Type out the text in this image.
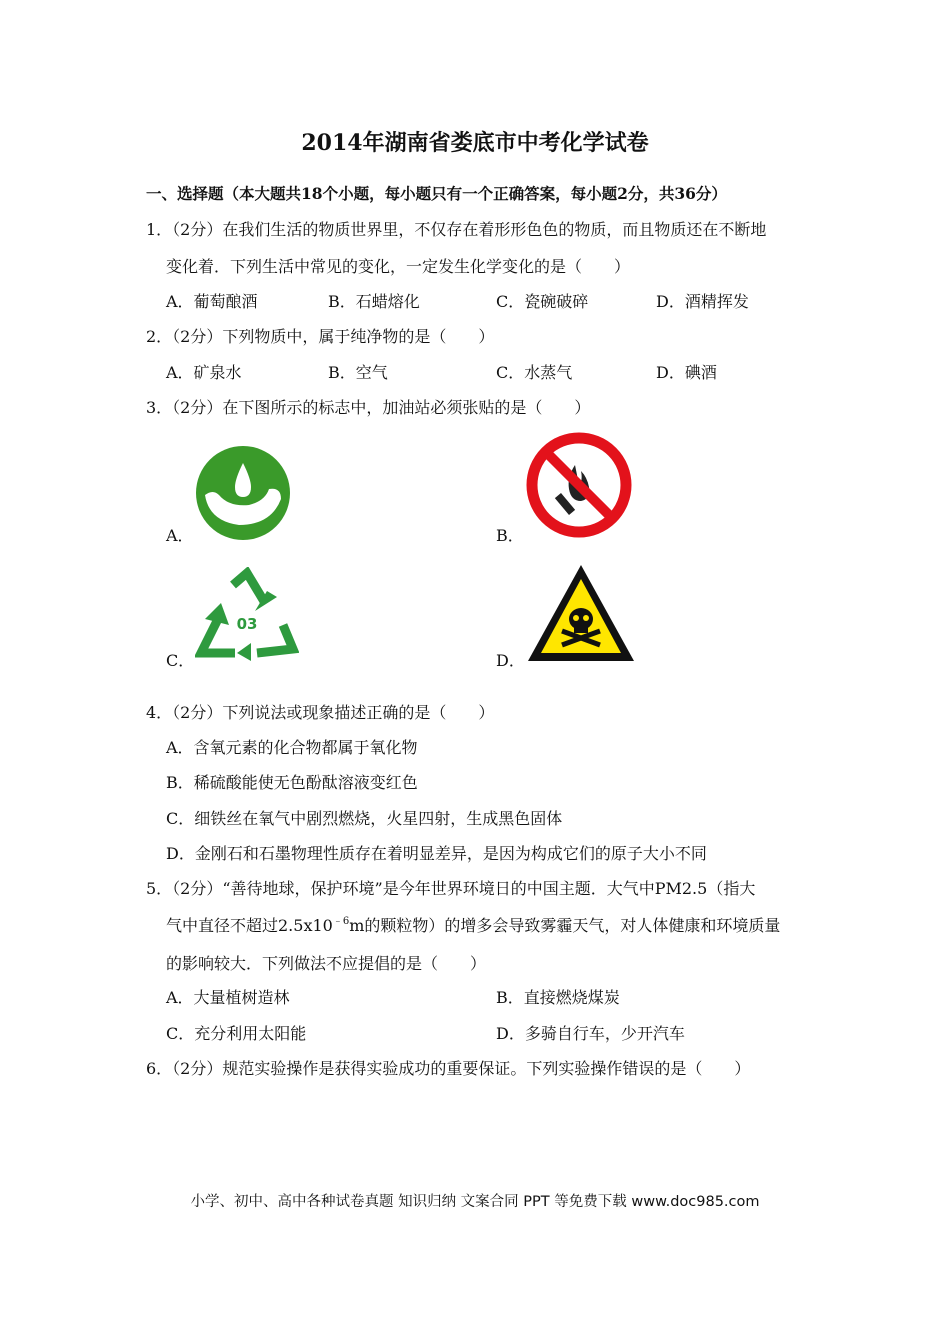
2014年湖南省娄底市中考化学试卷
一、选择题（本大题共18个小题，每小题只有一个正确答案，每小题2分，共36分）
1．（2分）在我们生活的物质世界里，不仅存在着形形色色的物质，而且物质还在不断地
变化着．下列生活中常见的变化，一定发生化学变化的是（　　）
A．葡萄酿酒	B．石蜡熔化	C．瓷碗破碎	D．酒精挥发
2．（2分）下列物质中，属于纯净物的是（　　）
A．矿泉水	B．空气	C．水蒸气	D．碘酒
3．（2分）在下图所示的标志中，加油站必须张贴的是（　　）
A．	B．
C．	D．
03
4．（2分）下列说法或现象描述正确的是（　　）
A．含氧元素的化合物都属于氧化物
B．稀硫酸能使无色酚酞溶液变红色
C．细铁丝在氧气中剧烈燃烧，火星四射，生成黑色固体
D．金刚石和石墨物理性质存在着明显差异，是因为构成它们的原子大小不同
5．（2分）“善待地球，保护环境”是今年世界环境日的中国主题．大气中PM2.5（指大
气中直径不超过$2.5x10^{﹣6}m$的颗粒物）的增多会导致雾霾天气，对人体健康和环境质量
的影响较大．下列做法不应提倡的是（　　）
A．大量植树造林	B．直接燃烧煤炭
C．充分利用太阳能	D．多骑自行车，少开汽车
6．（2分）规范实验操作是获得实验成功的重要保证。下列实验操作错误的是（　　）
小学、初中、高中各种试卷真题 知识归纳 文案合同 PPT 等免费下载 www.doc985.com
